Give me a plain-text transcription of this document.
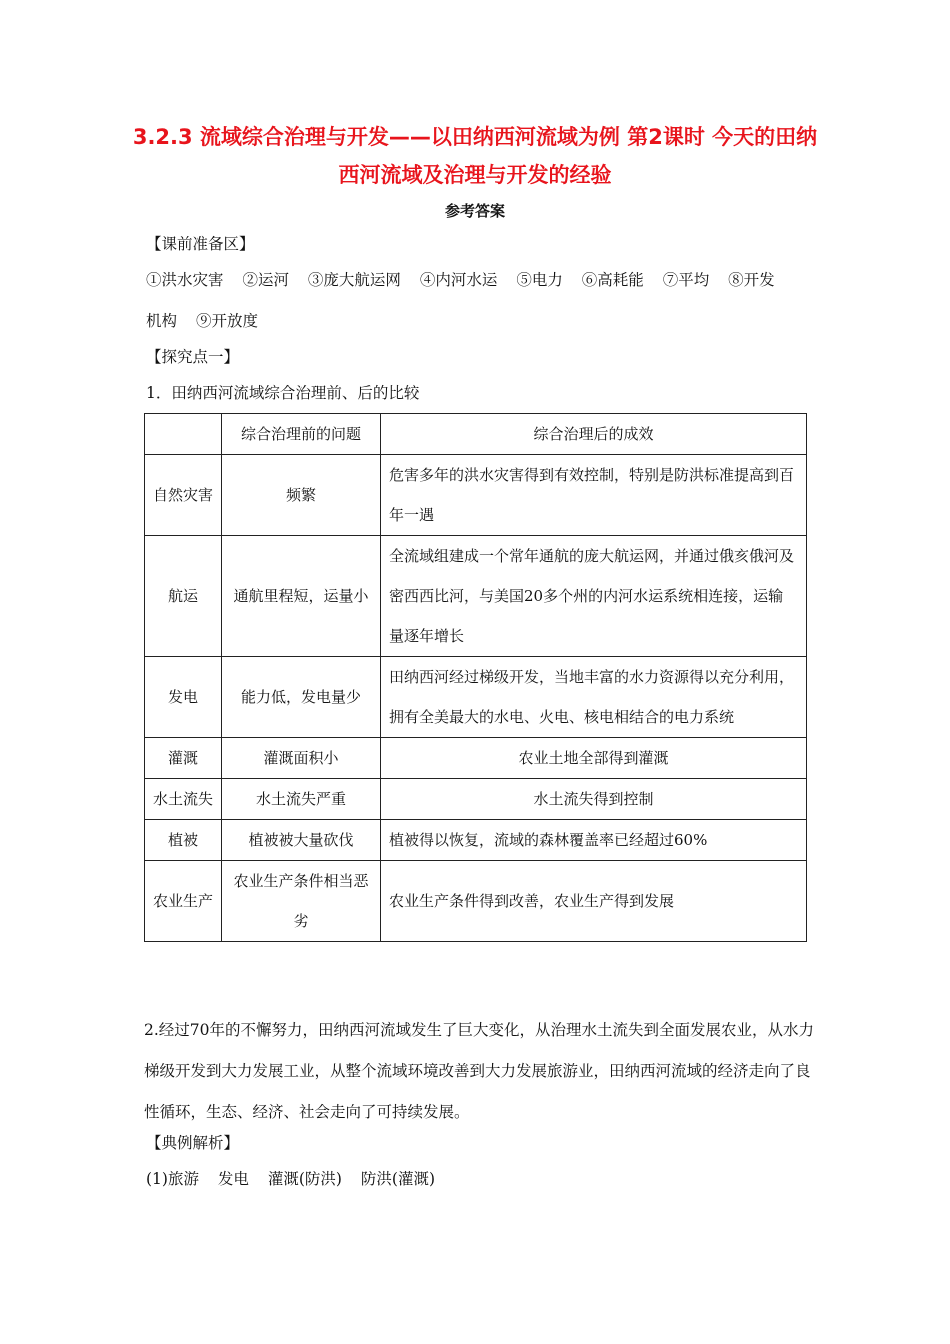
3.2.3 流域综合治理与开发——以田纳西河流域为例 第2课时 今天的田纳西河流域及治理与开发的经验
参考答案
【课前准备区】
①洪水灾害 ②运河 ③庞大航运网 ④内河水运 ⑤电力 ⑥高耗能 ⑦平均 ⑧开发
机构 ⑨开放度
【探究点一】
1．田纳西河流域综合治理前、后的比较
	综合治理前的问题	综合治理后的成效
自然灾害	频繁	危害多年的洪水灾害得到有效控制，特别是防洪标准提高到百年一遇
航运	通航里程短，运量小	全流域组建成一个常年通航的庞大航运网，并通过俄亥俄河及密西西比河，与美国20多个州的内河水运系统相连接，运输量逐年增长
发电	能力低，发电量少	田纳西河经过梯级开发，当地丰富的水力资源得以充分利用，拥有全美最大的水电、火电、核电相结合的电力系统
灌溉	灌溉面积小	农业土地全部得到灌溉
水土流失	水土流失严重	水土流失得到控制
植被	植被被大量砍伐	植被得以恢复，流域的森林覆盖率已经超过60%
农业生产	农业生产条件相当恶劣	农业生产条件得到改善，农业生产得到发展
2.经过70年的不懈努力，田纳西河流域发生了巨大变化，从治理水土流失到全面发展农业，从水力梯级开发到大力发展工业，从整个流域环境改善到大力发展旅游业，田纳西河流域的经济走向了良性循环，生态、经济、社会走向了可持续发展。
【典例解析】
(1)旅游 发电 灌溉(防洪) 防洪(灌溉)
